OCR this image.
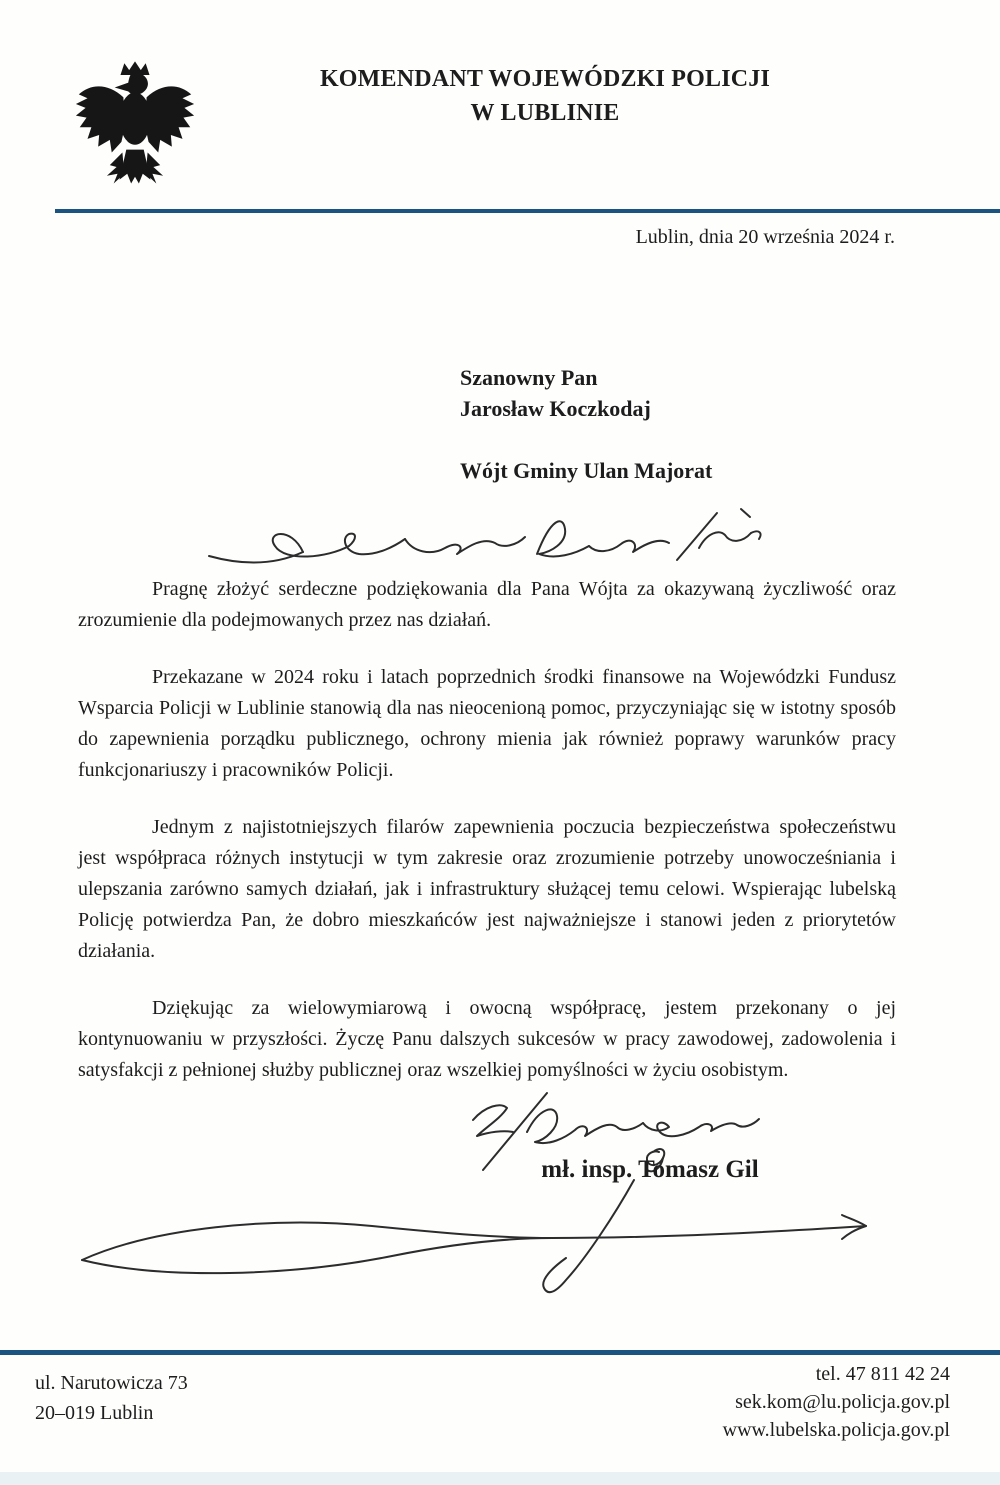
KOMENDANT WOJEWÓDZKI POLICJI
W LUBLINIE
Lublin, dnia 20 września 2024 r.
Szanowny Pan
Jarosław Koczkodaj
Wójt Gminy Ulan Majorat

Pragnę złożyć serdeczne podziękowania dla Pana Wójta za okazywaną życzliwość oraz zrozumienie dla podejmowanych przez nas działań.

Przekazane w 2024 roku i latach poprzednich środki finansowe na Wojewódzki Fundusz Wsparcia Policji w Lublinie stanowią dla nas nieocenioną pomoc, przyczyniając się w istotny sposób do zapewnienia porządku publicznego, ochrony mienia jak również poprawy warunków pracy funkcjonariuszy i pracowników Policji.

Jednym z najistotniejszych filarów zapewnienia poczucia bezpieczeństwa społeczeństwu jest współpraca różnych instytucji w tym zakresie oraz zrozumienie potrzeby unowocześniania i ulepszania zarówno samych działań, jak i infrastruktury służącej temu celowi. Wspierając lubelską Policję potwierdza Pan, że dobro mieszkańców jest najważniejsze i stanowi jeden z priorytetów działania.

Dziękując za wielowymiarową i owocną współpracę, jestem przekonany o jej kontynuowaniu w przyszłości. Życzę Panu dalszych sukcesów w pracy zawodowej, zadowolenia i satysfakcji z pełnionej służby publicznej oraz wszelkiej pomyślności w życiu osobistym.

mł. insp. Tomasz Gil
ul. Narutowicza 73
20–019 Lublin
tel. 47 811 42 24
sek.kom@lu.policja.gov.pl
www.lubelska.policja.gov.pl
